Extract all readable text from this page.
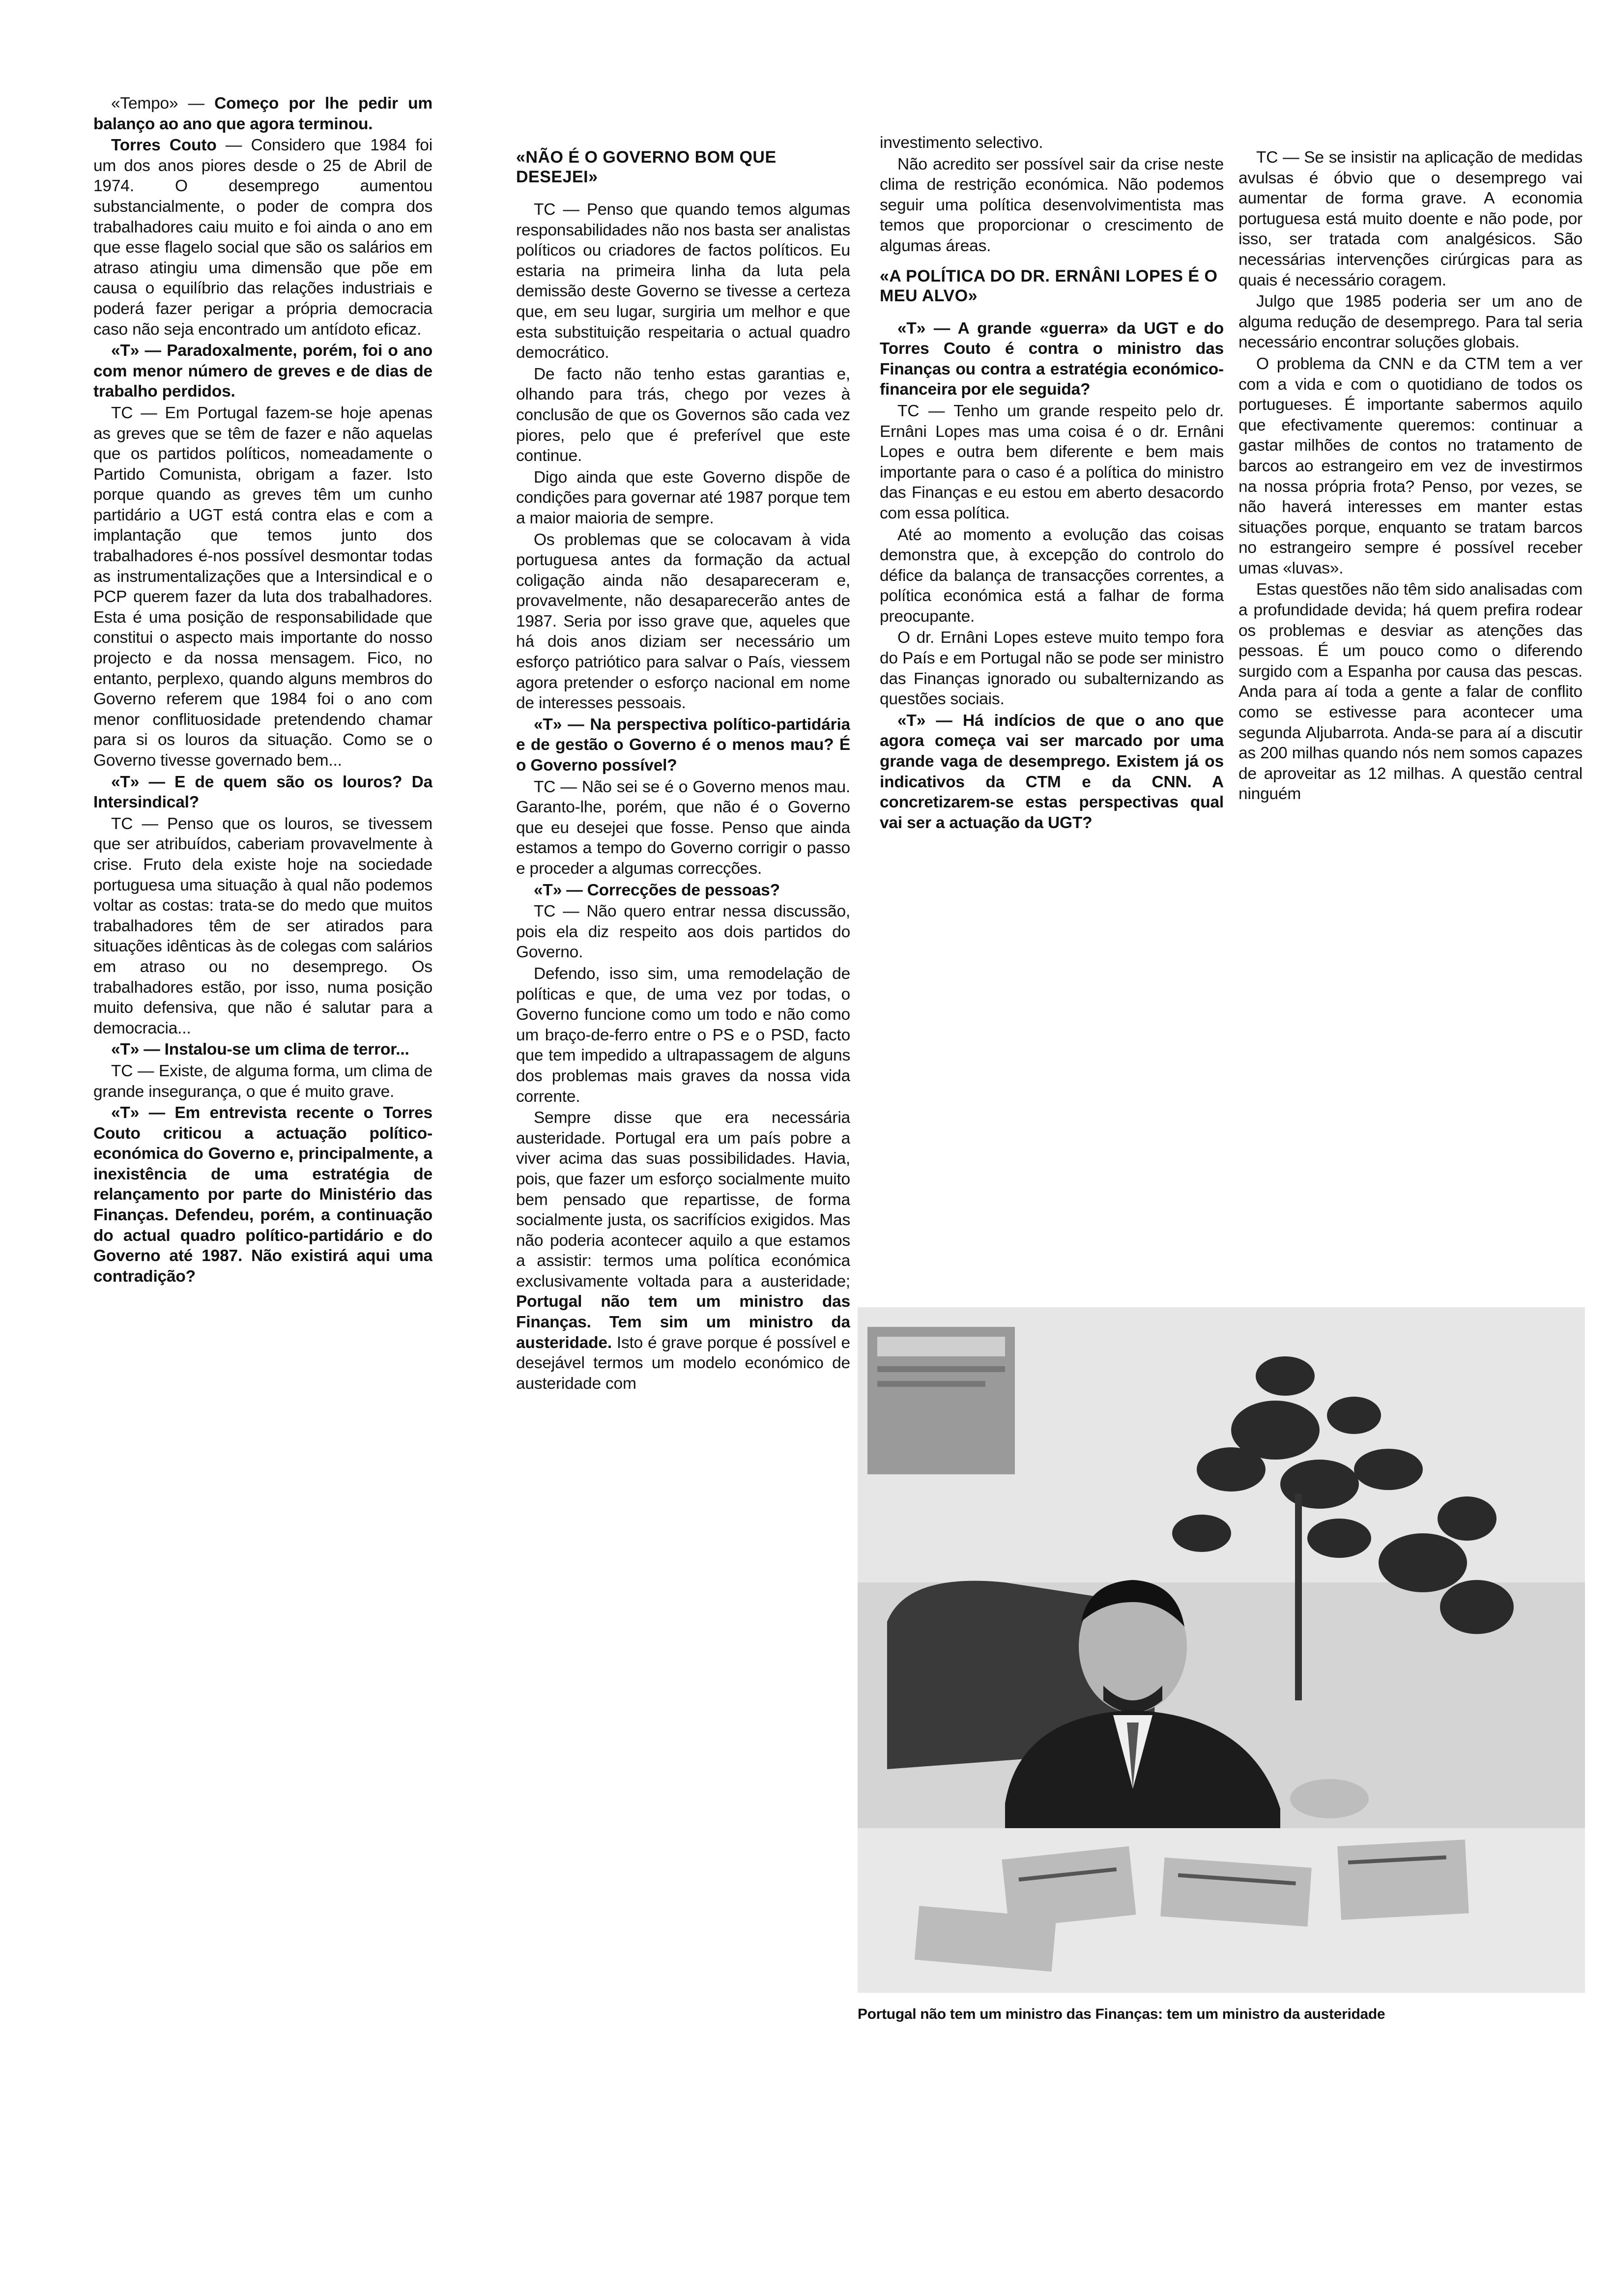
«Tempo» — Começo por lhe pedir um balanço ao ano que agora terminou.

Torres Couto — Considero que 1984 foi um dos anos piores desde o 25 de Abril de 1974. O desemprego aumentou substancialmente, o poder de compra dos trabalhadores caiu muito e foi ainda o ano em que esse flagelo social que são os salários em atraso atingiu uma dimensão que põe em causa o equilíbrio das relações industriais e poderá fazer perigar a própria democracia caso não seja encontrado um antídoto eficaz.

«T» — Paradoxalmente, porém, foi o ano com menor número de greves e de dias de trabalho perdidos.

TC — Em Portugal fazem-se hoje apenas as greves que se têm de fazer e não aquelas que os partidos políticos, nomeadamente o Partido Comunista, obrigam a fazer. Isto porque quando as greves têm um cunho partidário a UGT está contra elas e com a implantação que temos junto dos trabalhadores é-nos possível desmontar todas as instrumentalizações que a Intersindical e o PCP querem fazer da luta dos trabalhadores. Esta é uma posição de responsabilidade que constitui o aspecto mais importante do nosso projecto e da nossa mensagem. Fico, no entanto, perplexo, quando alguns membros do Governo referem que 1984 foi o ano com menor conflituosidade pretendendo chamar para si os louros da situação. Como se o Governo tivesse governado bem...

«T» — E de quem são os louros? Da Intersindical?

TC — Penso que os louros, se tivessem que ser atribuídos, caberiam provavelmente à crise. Fruto dela existe hoje na sociedade portuguesa uma situação à qual não podemos voltar as costas: trata-se do medo que muitos trabalhadores têm de ser atirados para situações idênticas às de colegas com salários em atraso ou no desemprego. Os trabalhadores estão, por isso, numa posição muito defensiva, que não é salutar para a democracia...

«T» — Instalou-se um clima de terror...

TC — Existe, de alguma forma, um clima de grande insegurança, o que é muito grave.

«T» — Em entrevista recente o Torres Couto criticou a actuação político-económica do Governo e, principalmente, a inexistência de uma estratégia de relançamento por parte do Ministério das Finanças. Defendeu, porém, a continuação do actual quadro político-partidário e do Governo até 1987. Não existirá aqui uma contradição?

«NÃO É O GOVERNO BOM QUE DESEJEI»

TC — Penso que quando temos algumas responsabilidades não nos basta ser analistas políticos ou criadores de factos políticos. Eu estaria na primeira linha da luta pela demissão deste Governo se tivesse a certeza que, em seu lugar, surgiria um melhor e que esta substituição respeitaria o actual quadro democrático.

De facto não tenho estas garantias e, olhando para trás, chego por vezes à conclusão de que os Governos são cada vez piores, pelo que é preferível que este continue.

Digo ainda que este Governo dispõe de condições para governar até 1987 porque tem a maior maioria de sempre.

Os problemas que se colocavam à vida portuguesa antes da formação da actual coligação ainda não desapareceram e, provavelmente, não desaparecerão antes de 1987. Seria por isso grave que, aqueles que há dois anos diziam ser necessário um esforço patriótico para salvar o País, viessem agora pretender o esforço nacional em nome de interesses pessoais.

«T» — Na perspectiva político-partidária e de gestão o Governo é o menos mau? É o Governo possível?

TC — Não sei se é o Governo menos mau. Garanto-lhe, porém, que não é o Governo que eu desejei que fosse. Penso que ainda estamos a tempo do Governo corrigir o passo e proceder a algumas correcções.

«T» — Correcções de pessoas?

TC — Não quero entrar nessa discussão, pois ela diz respeito aos dois partidos do Governo.

Defendo, isso sim, uma remodelação de políticas e que, de uma vez por todas, o Governo funcione como um todo e não como um braço-de-ferro entre o PS e o PSD, facto que tem impedido a ultrapassagem de alguns dos problemas mais graves da nossa vida corrente.

Sempre disse que era necessária austeridade. Portugal era um país pobre a viver acima das suas possibilidades. Havia, pois, que fazer um esforço socialmente muito bem pensado que repartisse, de forma socialmente justa, os sacrifícios exigidos. Mas não poderia acontecer aquilo a que estamos a assistir: termos uma política económica exclusivamente voltada para a austeridade; Portugal não tem um ministro das Finanças. Tem sim um ministro da austeridade. Isto é grave porque é possível e desejável termos um modelo económico de austeridade com

investimento selectivo.

Não acredito ser possível sair da crise neste clima de restrição económica. Não podemos seguir uma política desenvolvimentista mas temos que proporcionar o crescimento de algumas áreas.

«A POLÍTICA DO DR. ERNÂNI LOPES É O MEU ALVO»

«T» — A grande «guerra» da UGT e do Torres Couto é contra o ministro das Finanças ou contra a estratégia económico-financeira por ele seguida?

TC — Tenho um grande respeito pelo dr. Ernâni Lopes mas uma coisa é o dr. Ernâni Lopes e outra bem diferente e bem mais importante para o caso é a política do ministro das Finanças e eu estou em aberto desacordo com essa política.

Até ao momento a evolução das coisas demonstra que, à excepção do controlo do défice da balança de transacções correntes, a política económica está a falhar de forma preocupante.

O dr. Ernâni Lopes esteve muito tempo fora do País e em Portugal não se pode ser ministro das Finanças ignorado ou subalternizando as questões sociais.

«T» — Há indícios de que o ano que agora começa vai ser marcado por uma grande vaga de desemprego. Existem já os indicativos da CTM e da CNN. A concretizarem-se estas perspectivas qual vai ser a actuação da UGT?

TC — Se se insistir na aplicação de medidas avulsas é óbvio que o desemprego vai aumentar de forma grave. A economia portuguesa está muito doente e não pode, por isso, ser tratada com analgésicos. São necessárias intervenções cirúrgicas para as quais é necessário coragem.

Julgo que 1985 poderia ser um ano de alguma redução de desemprego. Para tal seria necessário encontrar soluções globais.

O problema da CNN e da CTM tem a ver com a vida e com o quotidiano de todos os portugueses. É importante sabermos aquilo que efectivamente queremos: continuar a gastar milhões de contos no tratamento de barcos ao estrangeiro em vez de investirmos na nossa própria frota? Penso, por vezes, se não haverá interesses em manter estas situações porque, enquanto se tratam barcos no estrangeiro sempre é possível receber umas «luvas».

Estas questões não têm sido analisadas com a profundidade devida; há quem prefira rodear os problemas e desviar as atenções das pessoas. É um pouco como o diferendo surgido com a Espanha por causa das pescas. Anda para aí toda a gente a falar de conflito como se estivesse para acontecer uma segunda Aljubarrota. Anda-se para aí a discutir as 200 milhas quando nós nem somos capazes de aproveitar as 12 milhas. A questão central ninguém

Portugal não tem um ministro das Finanças: tem um ministro da austeridade
